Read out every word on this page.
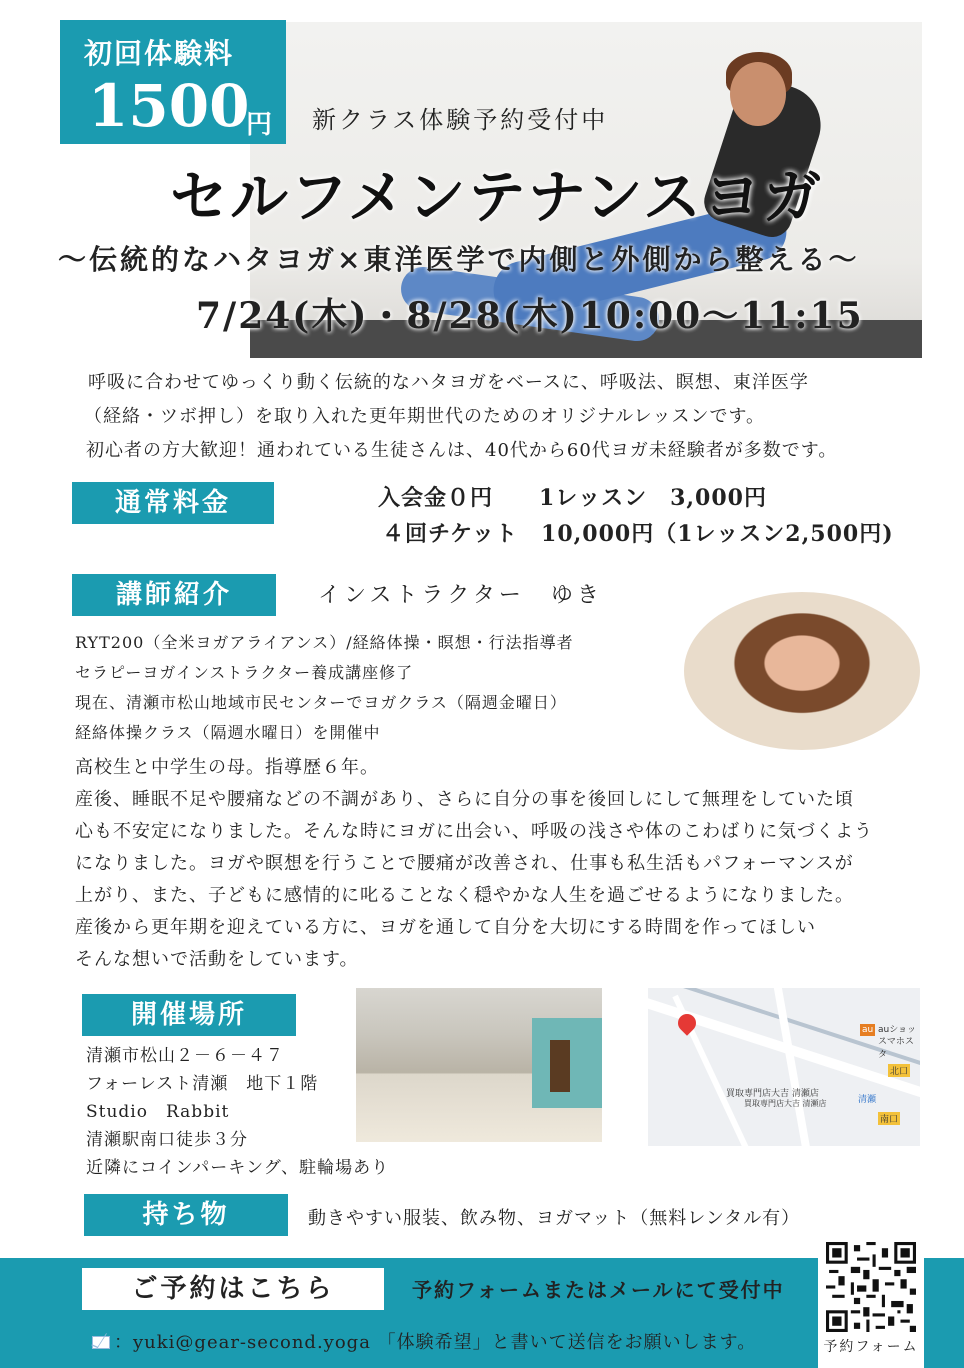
初回体験料
1500
円 新クラス体験予約受付中
セルフメンテナンスヨガ
～伝統的なハタヨガ×東洋医学で内側と外側から整える～
7/24(木)・8/28(木)10:00～11:15

呼吸に合わせてゆっくり動く伝統的なハタヨガをベースに、呼吸法、瞑想、東洋医学

（経絡・ツボ押し）を取り入れた更年期世代のためのオリジナルレッスンです。

初心者の方大歓迎！通われている生徒さんは、40代から60代ヨガ未経験者が多数です。

通常料金	入会金０円　　1レッスン　3,000円

４回チケット　10,000円（1レッスン2,500円)

講師紹介	インストラクター　ゆき

RYT200（全米ヨガアライアンス）/経絡体操・瞑想・行法指導者

セラピーヨガインストラクター養成講座修了

現在、清瀬市松山地域市民センターでヨガクラス（隔週金曜日）

経絡体操クラス（隔週水曜日）を開催中

高校生と中学生の母。指導歴６年。

産後、睡眠不足や腰痛などの不調があり、さらに自分の事を後回しにして無理をしていた頃

心も不安定になりました。そんな時にヨガに出会い、呼吸の浅さや体のこわばりに気づくよう

になりました。ヨガや瞑想を行うことで腰痛が改善され、仕事も私生活もパフォーマンスが

上がり、また、子どもに感情的に叱ることなく穏やかな人生を過ごせるようになりました。

産後から更年期を迎えている方に、ヨガを通して自分を大切にする時間を作ってほしい

そんな想いで活動をしています。

開催場所

清瀬市松山２－６－４７

フォーレスト清瀬　地下１階

Studio　Rabbit

清瀬駅南口徒歩３分

近隣にコインパーキング、駐輪場あり

au auショッ
スマホスタ
北口
買取専門店大吉 清瀬店
買取専門店大吉 清瀬店	清瀬
南口
持ち物	動きやすい服装、飲み物、ヨガマット（無料レンタル有）
ご予約はこちら	予約フォームまたはメールにて受付中
：yuki@gear-second.yoga 「体験希望」と書いて送信をお願いします。	予約フォーム
